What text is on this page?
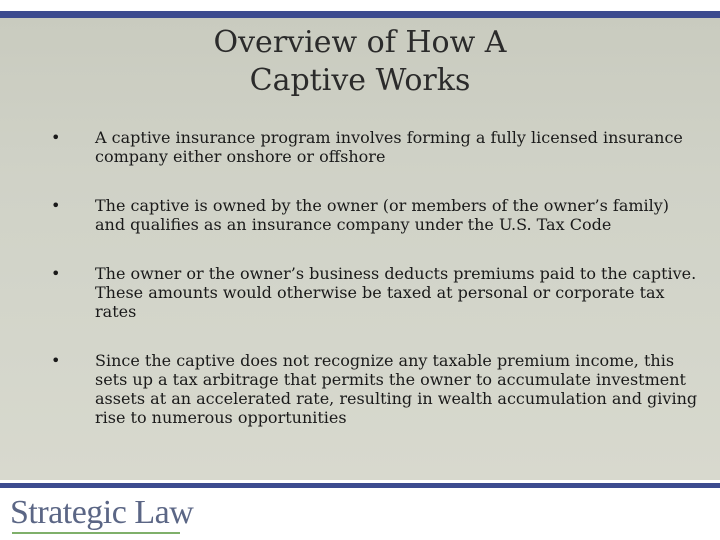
Overview of How A
Captive Works
• A captive insurance program involves forming a fully licensed insurance company either onshore or offshore
• The captive is owned by the owner (or members of the owner’s family) and qualifies as an insurance company under the U.S. Tax Code
• The owner or the owner’s business deducts premiums paid to the captive. These amounts would otherwise be taxed at personal or corporate tax rates
• Since the captive does not recognize any taxable premium income, this sets up a tax arbitrage that permits the owner to accumulate investment assets at an accelerated rate, resulting in wealth accumulation and giving rise to numerous opportunities
Strategic Law
